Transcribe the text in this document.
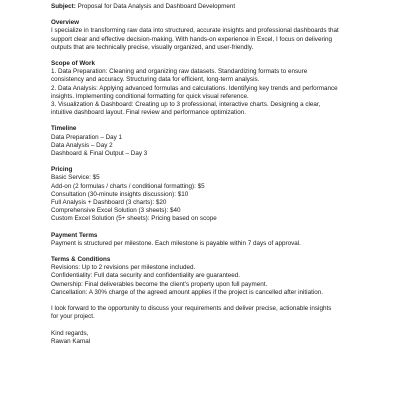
Subject: Proposal for Data Analysis and Dashboard Development

Overview

I specialize in transforming raw data into structured, accurate insights and professional dashboards that
support clear and effective decision-making. With hands-on experience in Excel, I focus on delivering
outputs that are technically precise, visually organized, and user-friendly.

Scope of Work

1. Data Preparation: Cleaning and organizing raw datasets. Standardizing formats to ensure
consistency and accuracy. Structuring data for efficient, long-term analysis.
2. Data Analysis: Applying advanced formulas and calculations. Identifying key trends and performance
insights. Implementing conditional formatting for quick visual reference.
3. Visualization & Dashboard: Creating up to 3 professional, interactive charts. Designing a clear,
intuitive dashboard layout. Final review and performance optimization.

Timeline

Data Preparation – Day 1
Data Analysis – Day 2
Dashboard & Final Output – Day 3

Pricing

Basic Service: $5
Add-on (2 formulas / charts / conditional formatting): $5
Consultation (30-minute insights discussion): $10
Full Analysis + Dashboard (3 charts): $20
Comprehensive Excel Solution (3 sheets): $40
Custom Excel Solution (5+ sheets): Pricing based on scope

Payment Terms

Payment is structured per milestone. Each milestone is payable within 7 days of approval.

Terms & Conditions

Revisions: Up to 2 revisions per milestone included.
Confidentiality: Full data security and confidentiality are guaranteed.
Ownership: Final deliverables become the client’s property upon full payment.
Cancellation: A 30% charge of the agreed amount applies if the project is cancelled after initiation.

I look forward to the opportunity to discuss your requirements and deliver precise, actionable insights
for your project.

Kind regards,
Rawan Kamal
